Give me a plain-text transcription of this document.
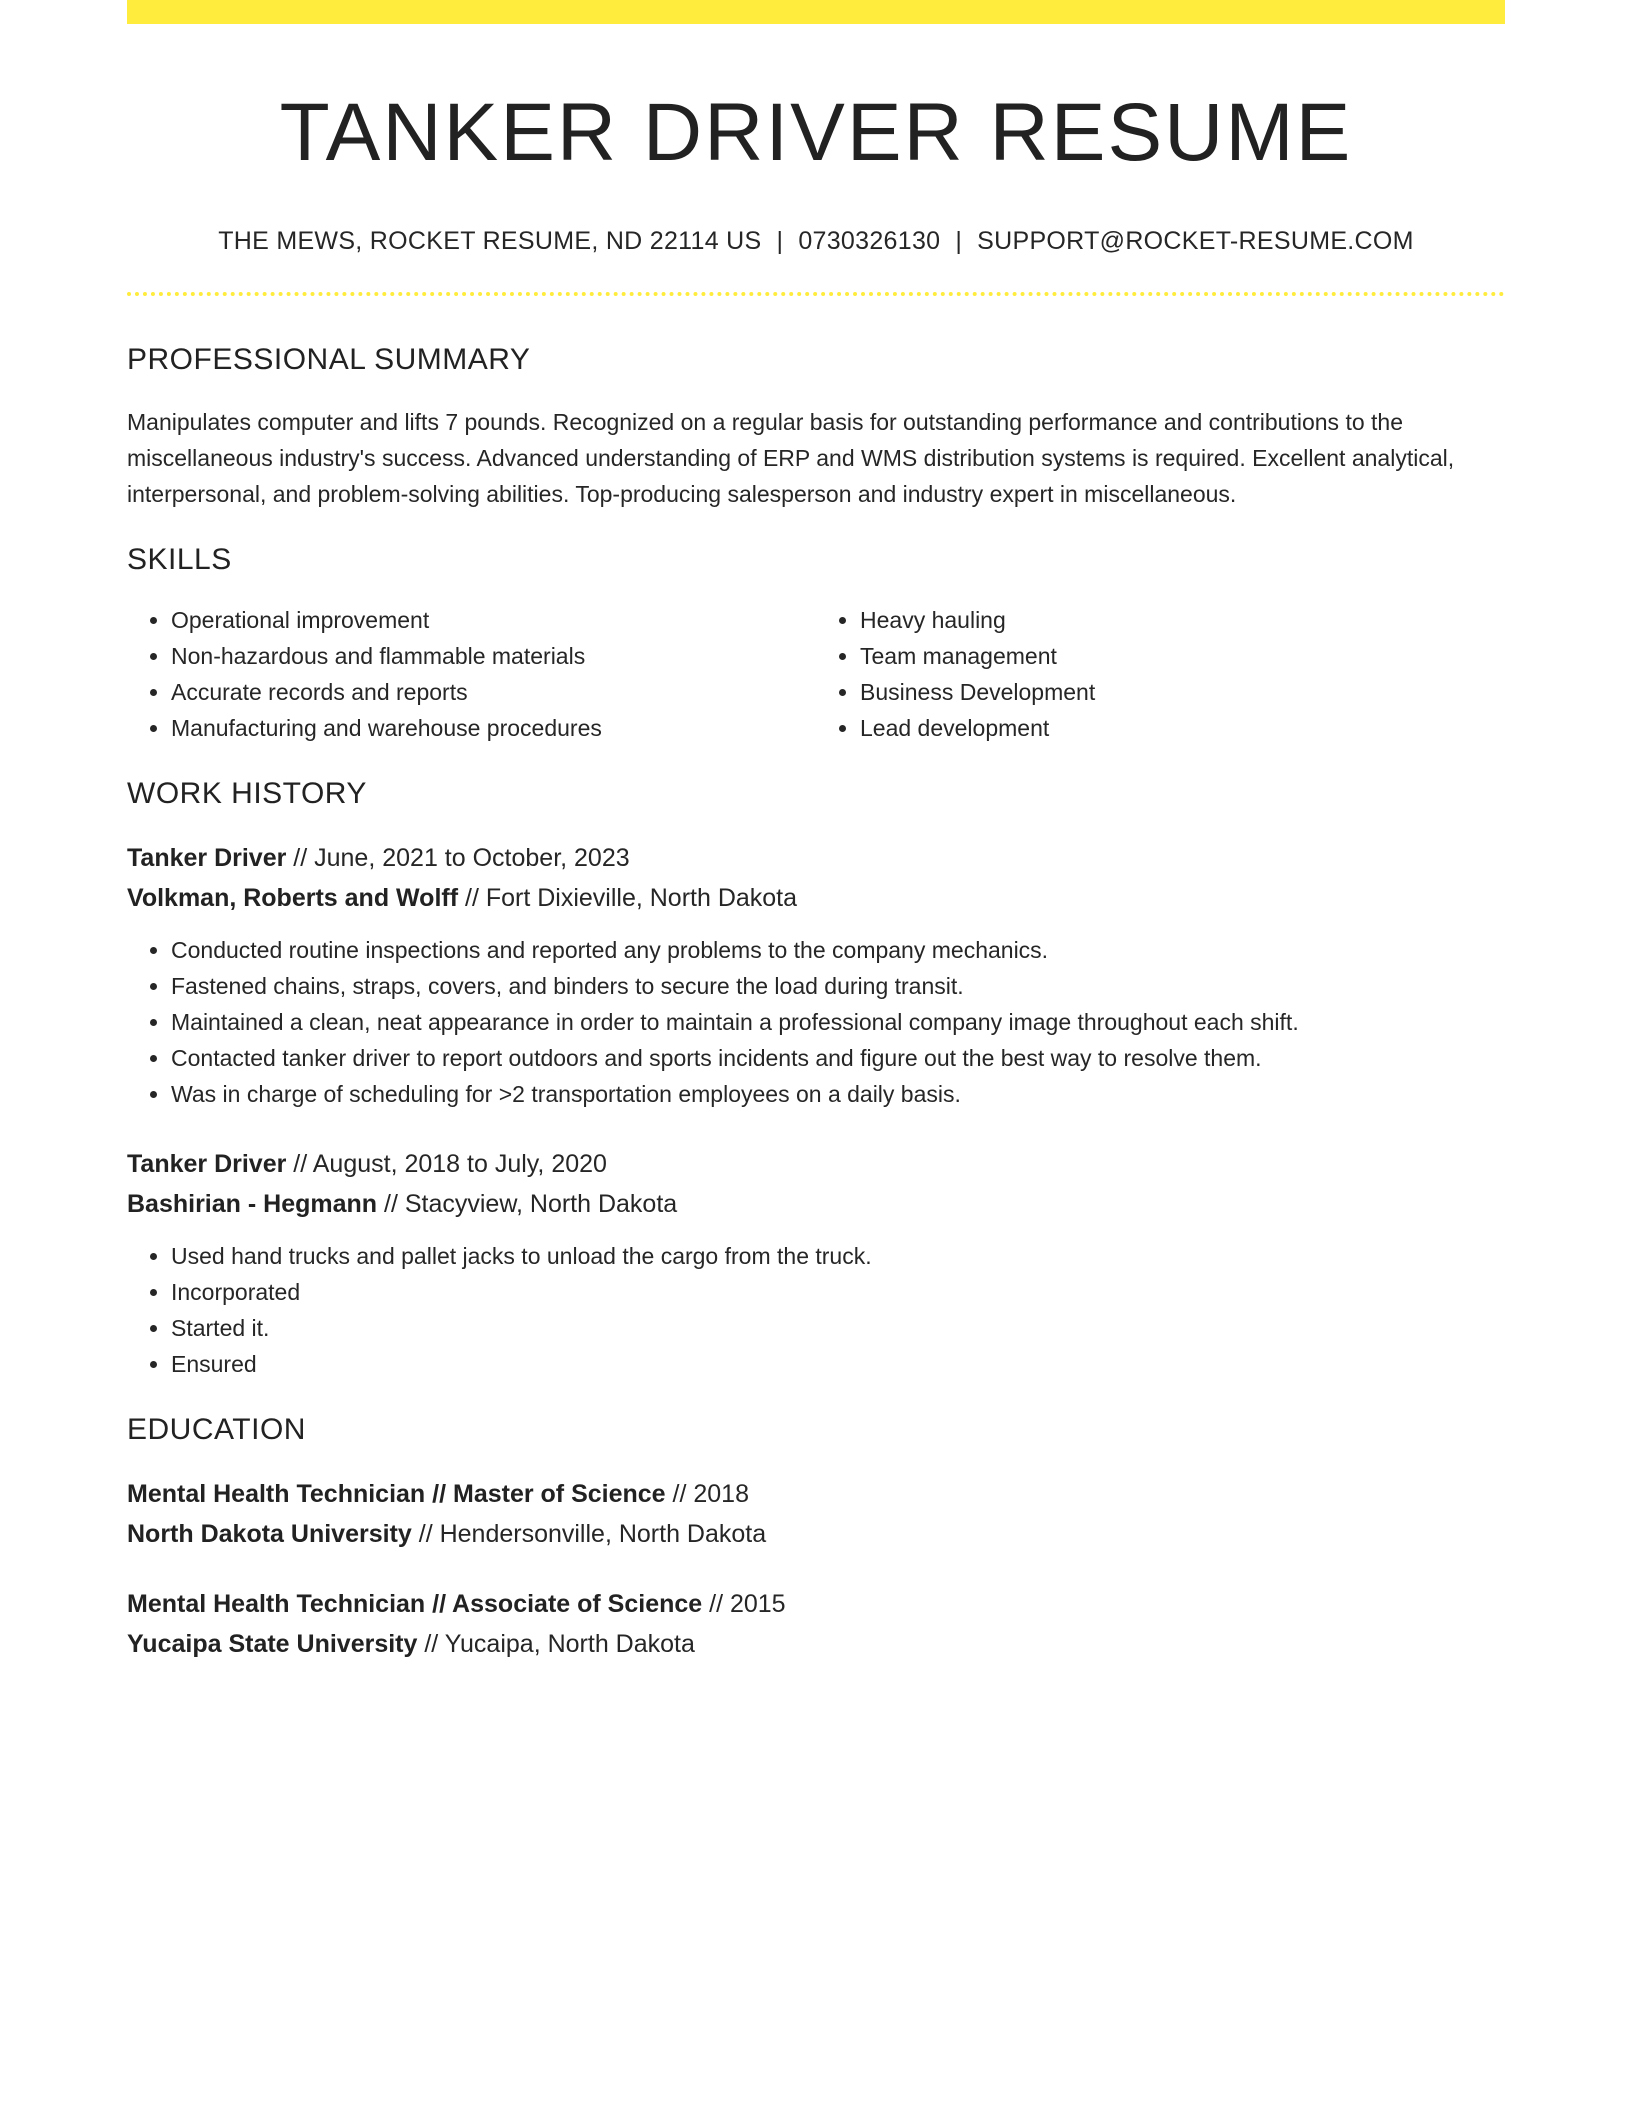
TANKER DRIVER RESUME
THE MEWS, ROCKET RESUME, ND 22114 US | 0730326130 | SUPPORT@ROCKET-RESUME.COM
PROFESSIONAL SUMMARY

Manipulates computer and lifts 7 pounds. Recognized on a regular basis for outstanding performance and contributions to the miscellaneous industry's success. Advanced understanding of ERP and WMS distribution systems is required. Excellent analytical, interpersonal, and problem-solving abilities. Top-producing salesperson and industry expert in miscellaneous.

SKILLS
• Operational improvement
• Non-hazardous and flammable materials
• Accurate records and reports
• Manufacturing and warehouse procedures
• Heavy hauling
• Team management
• Business Development
• Lead development
WORK HISTORY
Tanker Driver // June, 2021 to October, 2023
Volkman, Roberts and Wolff // Fort Dixieville, North Dakota
• Conducted routine inspections and reported any problems to the company mechanics.
• Fastened chains, straps, covers, and binders to secure the load during transit.
• Maintained a clean, neat appearance in order to maintain a professional company image throughout each shift.
• Contacted tanker driver to report outdoors and sports incidents and figure out the best way to resolve them.
• Was in charge of scheduling for >2 transportation employees on a daily basis.
Tanker Driver // August, 2018 to July, 2020
Bashirian - Hegmann // Stacyview, North Dakota
• Used hand trucks and pallet jacks to unload the cargo from the truck.
• Incorporated
• Started it.
• Ensured
EDUCATION
Mental Health Technician // Master of Science // 2018
North Dakota University // Hendersonville, North Dakota
Mental Health Technician // Associate of Science // 2015
Yucaipa State University // Yucaipa, North Dakota
